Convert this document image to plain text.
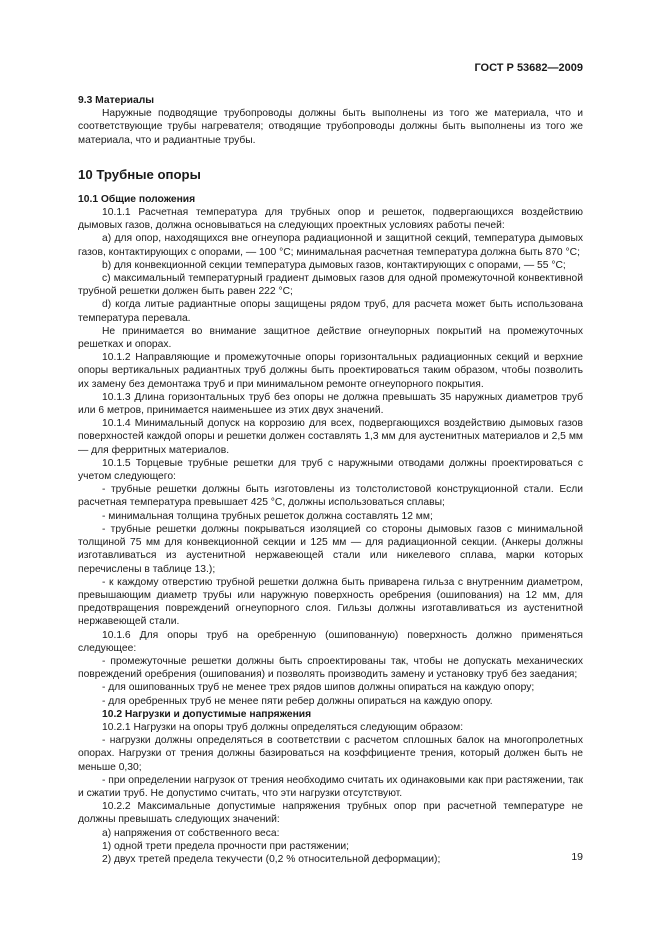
ГОСТ Р 53682—2009
9.3 Материалы
Наружные подводящие трубопроводы должны быть выполнены из того же материала, что и соответствующие трубы нагревателя; отводящие трубопроводы должны быть выполнены из того же материала, что и радиантные трубы.
10 Трубные опоры
10.1 Общие положения
10.1.1 Расчетная температура для трубных опор и решеток, подвергающихся воздействию дымовых газов, должна основываться на следующих проектных условиях работы печей:
a) для опор, находящихся вне огнеупора радиационной и защитной секций, температура дымовых газов, контактирующих с опорами, — 100 °С; минимальная расчетная температура должна быть 870 °С;
b) для конвекционной секции температура дымовых газов, контактирующих с опорами, — 55 °С;
c) максимальный температурный градиент дымовых газов для одной промежуточной конвективной трубной решетки должен быть равен 222 °С;
d) когда литые радиантные опоры защищены рядом труб, для расчета может быть использована температура перевала.
Не принимается во внимание защитное действие огнеупорных покрытий на промежуточных решетках и опорах.
10.1.2 Направляющие и промежуточные опоры горизонтальных радиационных секций и верхние опоры вертикальных радиантных труб должны быть проектироваться таким образом, чтобы позволить их замену без демонтажа труб и при минимальном ремонте огнеупорного покрытия.
10.1.3 Длина горизонтальных труб без опоры не должна превышать 35 наружных диаметров труб или 6 метров, принимается наименьшее из этих двух значений.
10.1.4 Минимальный допуск на коррозию для всех, подвергающихся воздействию дымовых газов поверхностей каждой опоры и решетки должен составлять 1,3 мм для аустенитных материалов и 2,5 мм — для ферритных материалов.
10.1.5 Торцевые трубные решетки для труб с наружными отводами должны проектироваться с учетом следующего:
- трубные решетки должны быть изготовлены из толстолистовой конструкционной стали. Если расчетная температура превышает 425 °С, должны использоваться сплавы;
- минимальная толщина трубных решеток должна составлять 12 мм;
- трубные решетки должны покрываться изоляцией со стороны дымовых газов с минимальной толщиной 75 мм для конвекционной секции и 125 мм — для радиационной секции. (Анкеры должны изготавливаться из аустенитной нержавеющей стали или никелевого сплава, марки которых перечислены в таблице 13.);
- к каждому отверстию трубной решетки должна быть приварена гильза с внутренним диаметром, превышающим диаметр трубы или наружную поверхность оребрения (ошипования) на 12 мм, для предотвращения повреждений огнеупорного слоя. Гильзы должны изготавливаться из аустенитной нержавеющей стали.
10.1.6 Для опоры труб на оребренную (ошипованную) поверхность должно применяться следующее:
- промежуточные решетки должны быть спроектированы так, чтобы не допускать механических повреждений оребрения (ошипования) и позволять производить замену и установку труб без заедания;
- для ошипованных труб не менее трех рядов шипов должны опираться на каждую опору;
- для оребренных труб не менее пяти ребер должны опираться на каждую опору.
10.2 Нагрузки и допустимые напряжения
10.2.1 Нагрузки на опоры труб должны определяться следующим образом:
- нагрузки должны определяться в соответствии с расчетом сплошных балок на многопролетных опорах. Нагрузки от трения должны базироваться на коэффициенте трения, который должен быть не меньше 0,30;
- при определении нагрузок от трения необходимо считать их одинаковыми как при растяжении, так и сжатии труб. Не допустимо считать, что эти нагрузки отсутствуют.
10.2.2 Максимальные допустимые напряжения трубных опор при расчетной температуре не должны превышать следующих значений:
а) напряжения от собственного веса:
1) одной трети предела прочности при растяжении;
2) двух третей предела текучести (0,2 % относительной деформации);	19
